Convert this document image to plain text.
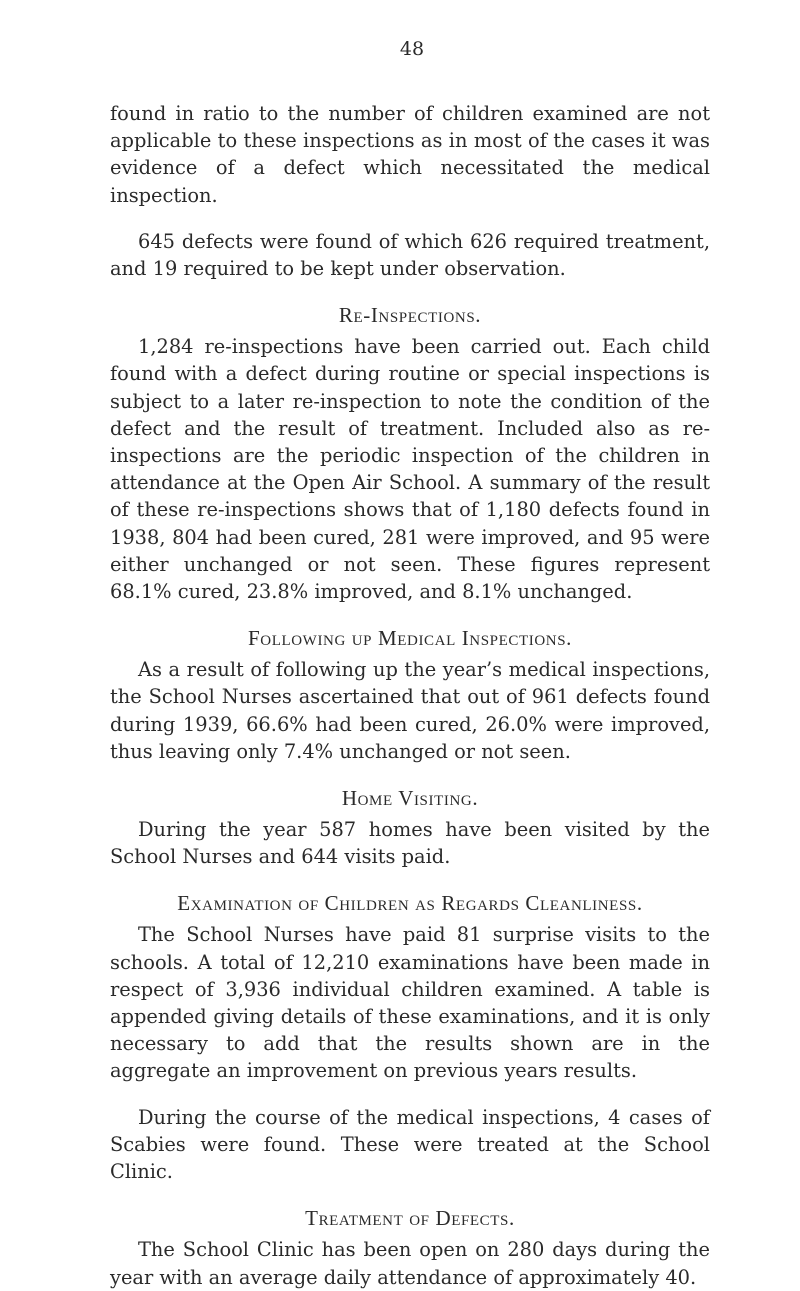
48

found in ratio to the number of children examined are not applicable to these inspections as in most of the cases it was evidence of a defect which necessitated the medical inspection.

645 defects were found of which 626 required treatment, and 19 required to be kept under observation.

Re-Inspections.

1,284 re-inspections have been carried out. Each child found with a defect during routine or special inspections is subject to a later re-inspection to note the condition of the defect and the result of treatment. Included also as re-inspections are the periodic inspection of the children in attendance at the Open Air School. A summary of the result of these re-inspections shows that of 1,180 defects found in 1938, 804 had been cured, 281 were improved, and 95 were either unchanged or not seen. These figures represent 68.1% cured, 23.8% improved, and 8.1% unchanged.

Following up Medical Inspections.

As a result of following up the year’s medical inspections, the School Nurses ascertained that out of 961 defects found during 1939, 66.6% had been cured, 26.0% were improved, thus leaving only 7.4% unchanged or not seen.

Home Visiting.

During the year 587 homes have been visited by the School Nurses and 644 visits paid.

Examination of Children as Regards Cleanliness.

The School Nurses have paid 81 surprise visits to the schools. A total of 12,210 examinations have been made in respect of 3,936 individual children examined. A table is appended giving details of these examinations, and it is only necessary to add that the results shown are in the aggregate an improvement on previous years results.

During the course of the medical inspections, 4 cases of Scabies were found. These were treated at the School Clinic.

Treatment of Defects.

The School Clinic has been open on 280 days during the year with an average daily attendance of approximately 40.
